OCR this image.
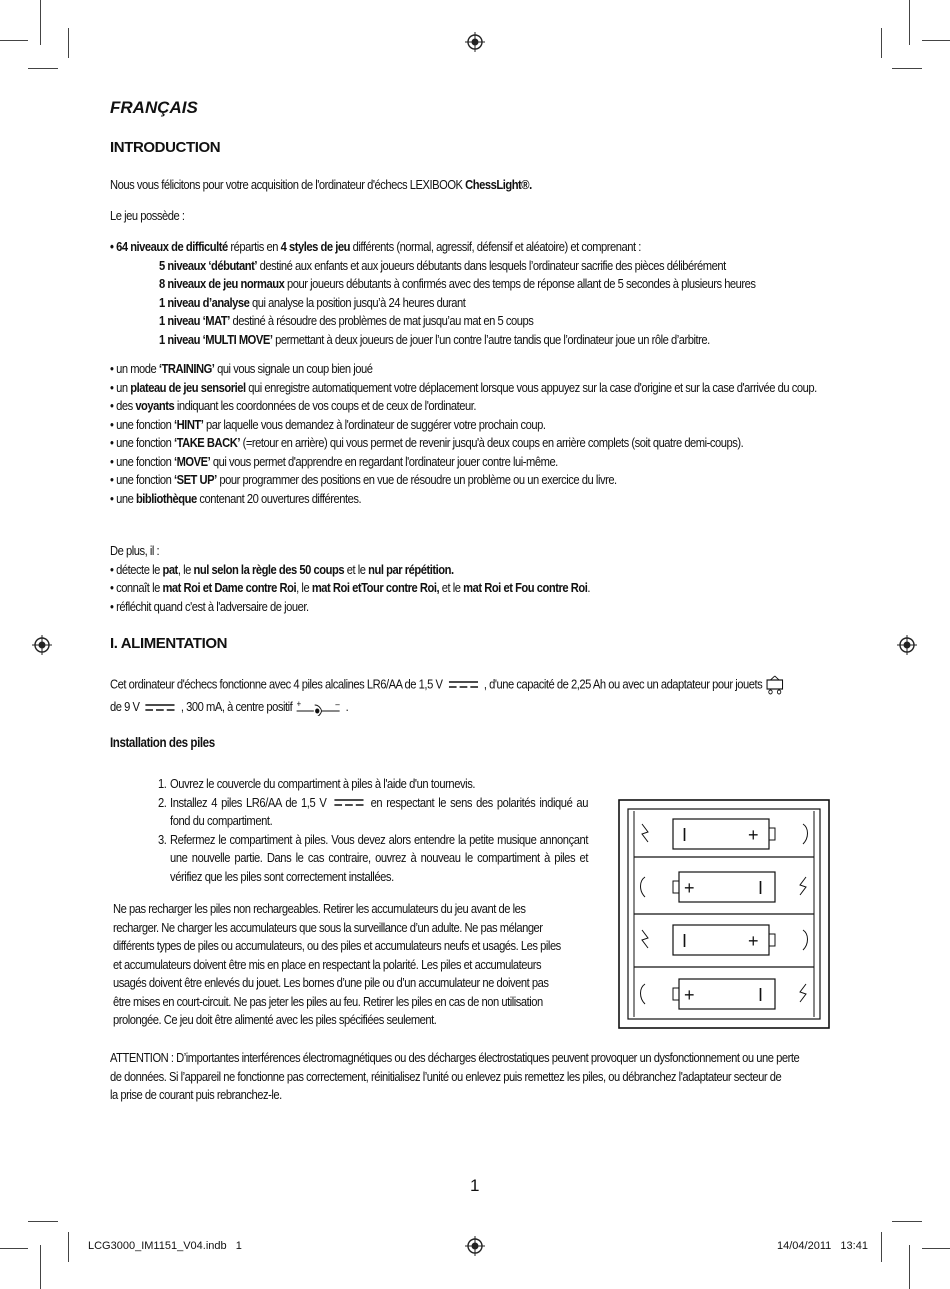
FRANÇAIS
INTRODUCTION
Nous vous félicitons pour votre acquisition de l'ordinateur d'échecs LEXIBOOK ChessLight®.
Le jeu possède :
• 64 niveaux de difficulté répartis en 4 styles de jeu différents (normal, agressif, défensif et aléatoire) et comprenant :
5 niveaux ‘débutant’ destiné aux enfants et aux joueurs débutants dans lesquels l’ordinateur sacrifie des pièces délibérément
8 niveaux de jeu normaux pour joueurs débutants à confirmés avec des temps de réponse allant de 5 secondes à plusieurs heures
1 niveau d’analyse qui analyse la position jusqu’à 24 heures durant
1 niveau ‘MAT’ destiné à résoudre des problèmes de mat jusqu’au mat en 5 coups
1 niveau ‘MULTI MOVE’ permettant à deux joueurs de jouer l’un contre l’autre tandis que l’ordinateur joue un rôle d’arbitre.
• un mode ‘TRAINING’ qui vous signale un coup bien joué
• un plateau de jeu sensoriel qui enregistre automatiquement votre déplacement lorsque vous appuyez sur la case d'origine et sur la case d'arrivée du coup.
• des voyants indiquant les coordonnées de vos coups et de ceux de l'ordinateur.
• une fonction ‘HINT’ par laquelle vous demandez à l'ordinateur de suggérer votre prochain coup.
• une fonction ‘TAKE BACK’ (=retour en arrière) qui vous permet de revenir jusqu'à deux coups en arrière complets (soit quatre demi-coups).
• une fonction ‘MOVE’ qui vous permet d'apprendre en regardant l'ordinateur jouer contre lui-même.
• une fonction ‘SET UP’ pour programmer des positions en vue de résoudre un problème ou un exercice du livre.
• une bibliothèque contenant 20 ouvertures différentes.
De plus, il :
• détecte le pat, le nul selon la règle des 50 coups et le nul par répétition.
• connaît le mat Roi et Dame contre Roi, le mat Roi etTour contre Roi, et le mat Roi et Fou contre Roi.
• réfléchit quand c'est à l'adversaire de jouer.
I. ALIMENTATION
Cet ordinateur d'échecs fonctionne avec 4 piles alcalines LR6/AA de 1,5 V	, d'une capacité de 2,25 Ah ou avec un adaptateur pour jouets
de 9 V	, 300 mA, à centre positif +	– .
Installation des piles
1. Ouvrez le couvercle du compartiment à piles à l'aide d'un tournevis.
2. Installez 4 piles LR6/AA de 1,5 V	en respectant le sens des polarités indiqué au fond du compartiment.
3. Refermez le compartiment à piles. Vous devez alors entendre la petite musique annonçant une nouvelle partie. Dans le cas contraire, ouvrez à nouveau le compartiment à piles et vérifiez que les piles sont correctement installées.
I	+
+	I
I	+
+	I
Ne pas recharger les piles non rechargeables. Retirer les accumulateurs du jeu avant de les
recharger. Ne charger les accumulateurs que sous la surveillance d’un adulte. Ne pas mélanger
différents types de piles ou accumulateurs, ou des piles et accumulateurs neufs et usagés. Les piles
et accumulateurs doivent être mis en place en respectant la polarité. Les piles et accumulateurs
usagés doivent être enlevés du jouet. Les bornes d’une pile ou d’un accumulateur ne doivent pas
être mises en court-circuit. Ne pas jeter les piles au feu. Retirer les piles en cas de non utilisation
prolongée. Ce jeu doit être alimenté avec les piles spécifiées seulement.
ATTENTION : D’importantes interférences électromagnétiques ou des décharges électrostatiques peuvent provoquer un dysfonctionnement ou une perte
de données. Si l’appareil ne fonctionne pas correctement, réinitialisez l’unité ou enlevez puis remettez les piles, ou débranchez l'adaptateur secteur de
la prise de courant puis rebranchez-le.
1
LCG3000_IM1151_V04.indb   1	14/04/2011   13:41
